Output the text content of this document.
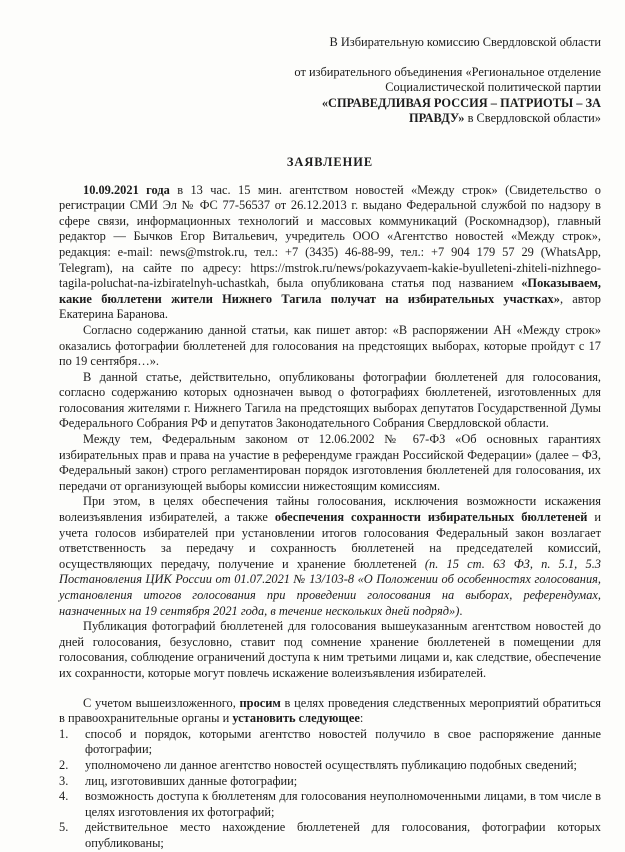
В Избирательную комиссию Свердловской области
от избирательного объединения «Региональное отделение
Социалистической политической партии
«СПРАВЕДЛИВАЯ РОССИЯ – ПАТРИОТЫ – ЗА
ПРАВДУ» в Свердловской области»
ЗАЯВЛЕНИЕ

10.09.2021 года в 13 час. 15 мин. агентством новостей «Между строк» (Свидетельство о регистрации СМИ Эл № ФС 77-56537 от 26.12.2013 г. выдано Федеральной службой по надзору в сфере связи, информационных технологий и массовых коммуникаций (Роскомнадзор), главный редактор — Бычков Егор Витальевич, учредитель ООО «Агентство новостей «Между строк», редакция: e-mail: news@mstrok.ru, тел.: +7 (3435) 46-88-99, тел.: +7 904 179 57 29 (WhatsApp, Telegram), на сайте по адресу: https://mstrok.ru/news/pokazyvaem-kakie-byulleteni-zhiteli-nizhnego-tagila-poluchat-na-izbiratelnyh-uchastkah, была опубликована статья под названием «Показываем, какие бюллетени жители Нижнего Тагила получат на избирательных участках», автор Екатерина Баранова.

Согласно содержанию данной статьи, как пишет автор: «В распоряжении АН «Между строк» оказались фотографии бюллетеней для голосования на предстоящих выборах, которые пройдут с 17 по 19 сентября…».

В данной статье, действительно, опубликованы фотографии бюллетеней для голосования, согласно содержанию которых однозначен вывод о фотографиях бюллетеней, изготовленных для голосования жителями г. Нижнего Тагила на предстоящих выборах депутатов Государственной Думы Федерального Собрания РФ и депутатов Законодательного Собрания Свердловской области.

Между тем, Федеральным законом от 12.06.2002 № 67-ФЗ «Об основных гарантиях избирательных прав и права на участие в референдуме граждан Российской Федерации» (далее – ФЗ, Федеральный закон) строго регламентирован порядок изготовления бюллетеней для голосования, их передачи от организующей выборы комиссии нижестоящим комиссиям.

При этом, в целях обеспечения тайны голосования, исключения возможности искажения волеизъявления избирателей, а также обеспечения сохранности избирательных бюллетеней и учета голосов избирателей при установлении итогов голосования Федеральный закон возлагает ответственность за передачу и сохранность бюллетеней на председателей комиссий, осуществляющих передачу, получение и хранение бюллетеней (п. 15 ст. 63 ФЗ, п. 5.1, 5.3 Постановления ЦИК России от 01.07.2021 № 13/103-8 «О Положении об особенностях голосования, установления итогов голосования при проведении голосования на выборах, референдумах, назначенных на 19 сентября 2021 года, в течение нескольких дней подряд»).

Публикация фотографий бюллетеней для голосования вышеуказанным агентством новостей до дней голосования, безусловно, ставит под сомнение хранение бюллетеней в помещении для голосования, соблюдение ограничений доступа к ним третьими лицами и, как следствие, обеспечение их сохранности, которые могут повлечь искажение волеизъявления избирателей.

С учетом вышеизложенного, просим в целях проведения следственных мероприятий обратиться в правоохранительные органы и установить следующее:

1.	способ и порядок, которыми агентство новостей получило в свое распоряжение данные фотографии;
2.	уполномочено ли данное агентство новостей осуществлять публикацию подобных сведений;
3.	лиц, изготовивших данные фотографии;
4.	возможность доступа к бюллетеням для голосования неуполномоченными лицами, в том числе в целях изготовления их фотографий;
5.	действительное место нахождение бюллетеней для голосования, фотографии которых опубликованы;
